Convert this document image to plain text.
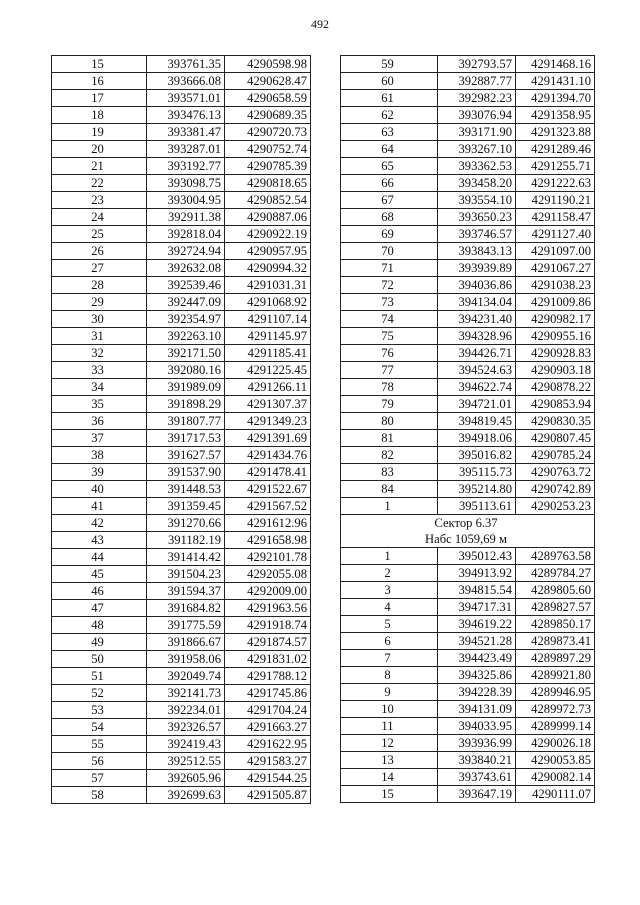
492
15	393761.35	4290598.98
16	393666.08	4290628.47
17	393571.01	4290658.59
18	393476.13	4290689.35
19	393381.47	4290720.73
20	393287.01	4290752.74
21	393192.77	4290785.39
22	393098.75	4290818.65
23	393004.95	4290852.54
24	392911.38	4290887.06
25	392818.04	4290922.19
26	392724.94	4290957.95
27	392632.08	4290994.32
28	392539.46	4291031.31
29	392447.09	4291068.92
30	392354.97	4291107.14
31	392263.10	4291145.97
32	392171.50	4291185.41
33	392080.16	4291225.45
34	391989.09	4291266.11
35	391898.29	4291307.37
36	391807.77	4291349.23
37	391717.53	4291391.69
38	391627.57	4291434.76
39	391537.90	4291478.41
40	391448.53	4291522.67
41	391359.45	4291567.52
42	391270.66	4291612.96
43	391182.19	4291658.98
44	391414.42	4292101.78
45	391504.23	4292055.08
46	391594.37	4292009.00
47	391684.82	4291963.56
48	391775.59	4291918.74
49	391866.67	4291874.57
50	391958.06	4291831.02
51	392049.74	4291788.12
52	392141.73	4291745.86
53	392234.01	4291704.24
54	392326.57	4291663.27
55	392419.43	4291622.95
56	392512.55	4291583.27
57	392605.96	4291544.25
58	392699.63	4291505.87
59	392793.57	4291468.16
60	392887.77	4291431.10
61	392982.23	4291394.70
62	393076.94	4291358.95
63	393171.90	4291323.88
64	393267.10	4291289.46
65	393362.53	4291255.71
66	393458.20	4291222.63
67	393554.10	4291190.21
68	393650.23	4291158.47
69	393746.57	4291127.40
70	393843.13	4291097.00
71	393939.89	4291067.27
72	394036.86	4291038.23
73	394134.04	4291009.86
74	394231.40	4290982.17
75	394328.96	4290955.16
76	394426.71	4290928.83
77	394524.63	4290903.18
78	394622.74	4290878.22
79	394721.01	4290853.94
80	394819.45	4290830.35
81	394918.06	4290807.45
82	395016.82	4290785.24
83	395115.73	4290763.72
84	395214.80	4290742.89
1	395113.61	4290253.23

Сектор 6.37
Набс 1059,69 м		

1	395012.43	4289763.58
2	394913.92	4289784.27
3	394815.54	4289805.60
4	394717.31	4289827.57
5	394619.22	4289850.17
6	394521.28	4289873.41
7	394423.49	4289897.29
8	394325.86	4289921.80
9	394228.39	4289946.95
10	394131.09	4289972.73
11	394033.95	4289999.14
12	393936.99	4290026.18
13	393840.21	4290053.85
14	393743.61	4290082.14
15	393647.19	4290111.07
